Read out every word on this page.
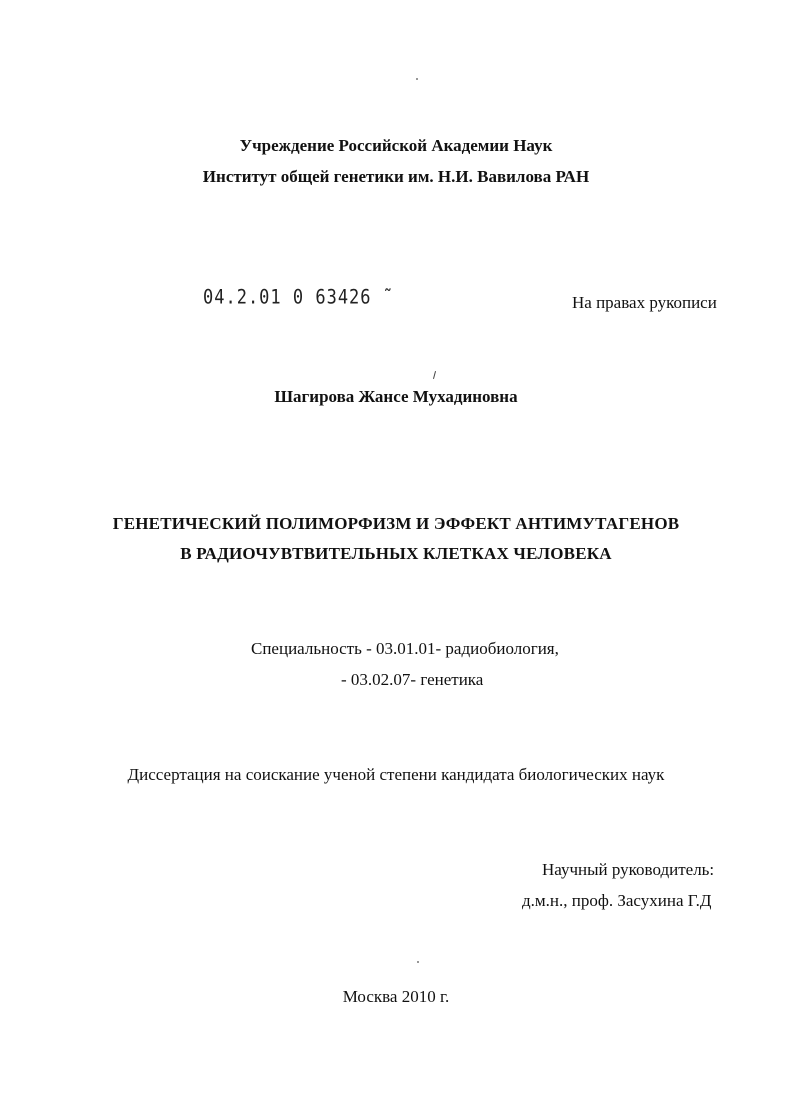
Учреждение Российской Академии Наук
Институт общей генетики им. Н.И. Вавилова РАН
04.2.01 0 63426 ˜	На правах рукописи
Шагирова Жансе Мухадиновна
ГЕНЕТИЧЕСКИЙ ПОЛИМОРФИЗМ И ЭФФЕКТ АНТИМУТАГЕНОВ
В РАДИОЧУВТВИТЕЛЬНЫХ КЛЕТКАХ ЧЕЛОВЕКА
Специальность - 03.01.01- радиобиология,
- 03.02.07- генетика
Диссертация на соискание ученой степени кандидата биологических наук
Научный руководитель:
д.м.н., проф. Засухина Г.Д
Москва 2010 г.
